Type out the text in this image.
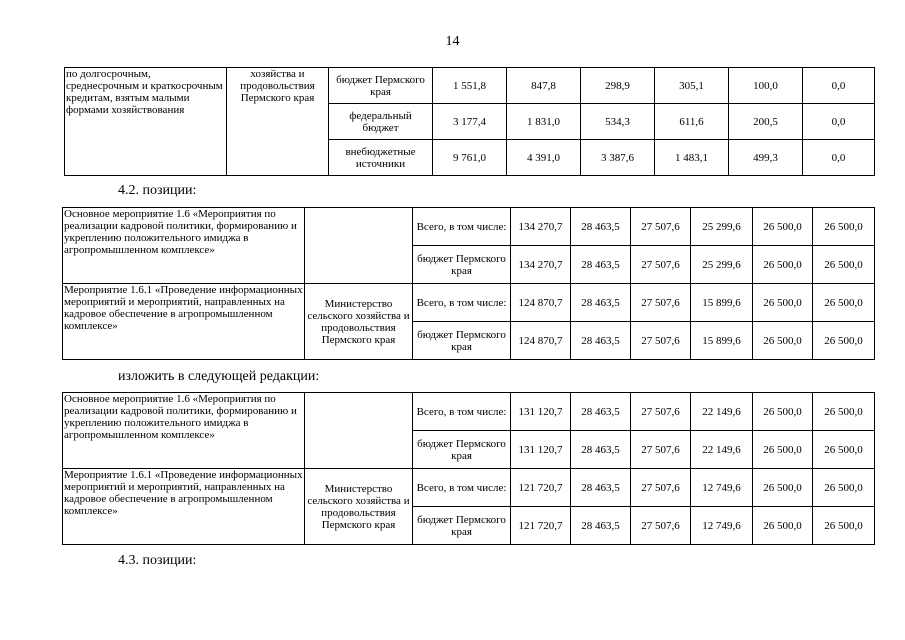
14
по долгосрочным, среднесрочным и краткосрочным кредитам, взятым малыми формами хозяйствования	хозяйства и продовольствия Пермского края	бюджет Пермского края	1 551,8	847,8	298,9	305,1	100,0	0,0
		федеральный бюджет	3 177,4	1 831,0	534,3	611,6	200,5	0,0
		внебюджетные источники	9 761,0	4 391,0	3 387,6	1 483,1	499,3	0,0
4.2. позиции:
Основное мероприятие 1.6 «Мероприятия по реализации кадровой политики, формированию и укреплению положительного имиджа в агропромышленном комплексе»		Всего, в том числе:	134 270,7	28 463,5	27 507,6	25 299,6	26 500,0	26 500,0
		бюджет Пермского края	134 270,7	28 463,5	27 507,6	25 299,6	26 500,0	26 500,0
Мероприятие 1.6.1 «Проведение информационных мероприятий и мероприятий, направленных на кадровое обеспечение в агропромышленном комплексе»	Министерство сельского хозяйства и продовольствия Пермского края	Всего, в том числе:	124 870,7	28 463,5	27 507,6	15 899,6	26 500,0	26 500,0
		бюджет Пермского края	124 870,7	28 463,5	27 507,6	15 899,6	26 500,0	26 500,0
изложить в следующей редакции:
Основное мероприятие 1.6 «Мероприятия по реализации кадровой политики, формированию и укреплению положительного имиджа в агропромышленном комплексе»		Всего, в том числе:	131 120,7	28 463,5	27 507,6	22 149,6	26 500,0	26 500,0
		бюджет Пермского края	131 120,7	28 463,5	27 507,6	22 149,6	26 500,0	26 500,0
Мероприятие 1.6.1 «Проведение информационных мероприятий и мероприятий, направленных на кадровое обеспечение в агропромышленном комплексе»	Министерство сельского хозяйства и продовольствия Пермского края	Всего, в том числе:	121 720,7	28 463,5	27 507,6	12 749,6	26 500,0	26 500,0
		бюджет Пермского края	121 720,7	28 463,5	27 507,6	12 749,6	26 500,0	26 500,0
4.3. позиции:
